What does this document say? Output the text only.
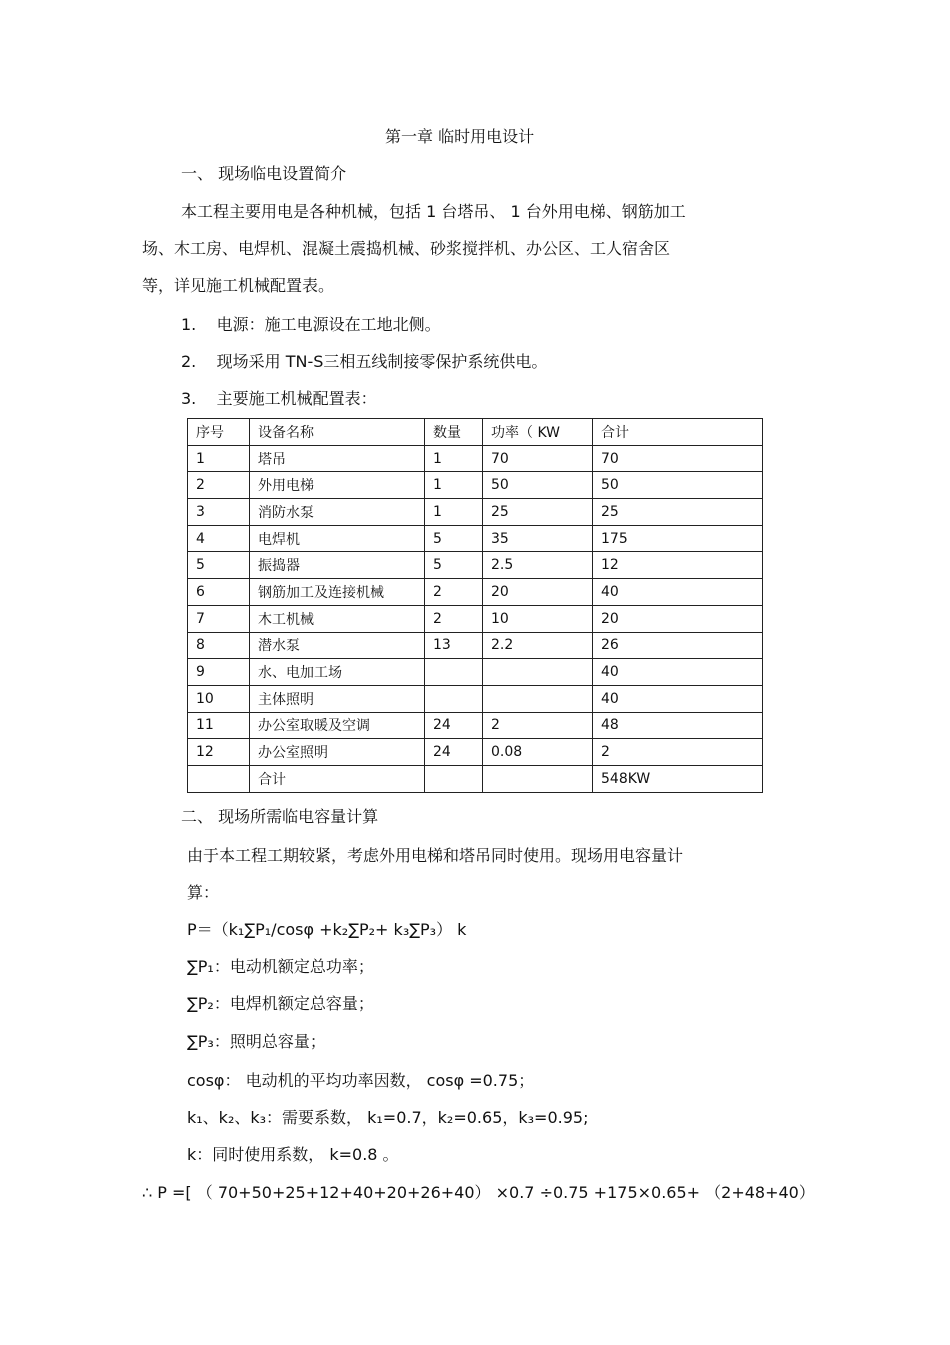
第一章 临时用电设计
一、 现场临电设置简介
本工程主要用电是各种机械，包括 1 台塔吊、 1 台外用电梯、钢筋加工
场、木工房、电焊机、混凝土震捣机械、砂浆搅拌机、办公区、工人宿舍区
等，详见施工机械配置表。
1. 电源：施工电源设在工地北侧。
2. 现场采用 TN-S三相五线制接零保护系统供电。
3. 主要施工机械配置表：
序号	设备名称	数量	功率（ KW	合计
1	塔吊	1	70	70
2	外用电梯	1	50	50
3	消防水泵	1	25	25
4	电焊机	5	35	175
5	振捣器	5	2.5	12
6	钢筋加工及连接机械	2	20	40
7	木工机械	2	10	20
8	潜水泵	13	2.2	26
9	水、电加工场			40
10	主体照明			40
11	办公室取暖及空调	24	2	48
12	办公室照明	24	0.08	2
	合计			548KW
二、 现场所需临电容量计算
由于本工程工期较紧，考虑外用电梯和塔吊同时使用。现场用电容量计
算：
P＝（k₁∑P₁/cosφ +k₂∑P₂+ k₃∑P₃） k
∑P₁：电动机额定总功率；
∑P₂：电焊机额定总容量；
∑P₃：照明总容量；
cosφ： 电动机的平均功率因数， cosφ =0.75；
k₁、k₂、k₃：需要系数， k₁=0.7，k₂=0.65，k₃=0.95;
k：同时使用系数， k=0.8 。
∴ P =[ （ 70+50+25+12+40+20+26+40） ×0.7 ÷0.75 +175×0.65+ （2+48+40）
